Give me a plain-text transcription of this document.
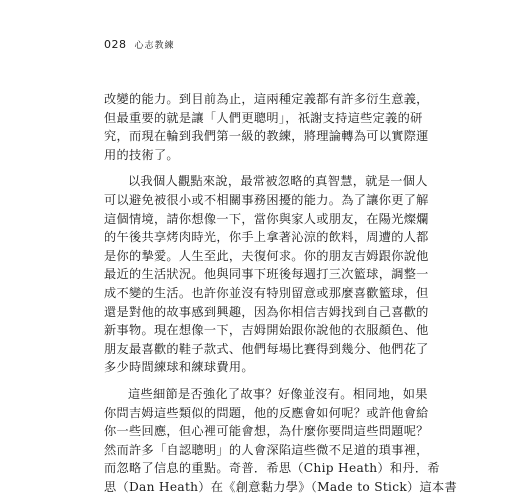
028 心志教練
改變的能力。到目前為止，這兩種定義都有許多衍生意義，
但最重要的就是讓「人們更聰明」，祇謝支持這些定義的研
究，而現在輪到我們第一級的教練，將理論轉為可以實際運
用的技術了。
以我個人觀點來說，最常被忽略的真智慧，就是一個人
可以避免被很小或不相關事務困擾的能力。為了讓你更了解
這個情境，請你想像一下，當你與家人或朋友，在陽光燦爛
的午後共享烤肉時光，你手上拿著沁涼的飲料，周遭的人都
是你的摯愛。人生至此，夫復何求。你的朋友吉姆跟你說他
最近的生活狀況。他與同事下班後每週打三次籃球，調整一
成不變的生活。也許你並沒有特別留意或那麼喜歡籃球，但
還是對他的故事感到興趣，因為你相信吉姆找到自己喜歡的
新事物。現在想像一下，吉姆開始跟你說他的衣服顏色、他
朋友最喜歡的鞋子款式、他們每場比賽得到幾分、他們花了
多少時間練球和練球費用。
這些細節是否強化了故事？好像並沒有。相同地，如果
你問吉姆這些類似的問題，他的反應會如何呢？或許他會給
你一些回應，但心裡可能會想，為什麼你要問這些問題呢？
然而許多「自認聰明」的人會深陷這些微不足道的瑣事裡，
而忽略了信息的重點。奇普．希思（Chip Heath）和丹．希
思（Dan Heath）在《創意黏力學》（Made to Stick）這本書
